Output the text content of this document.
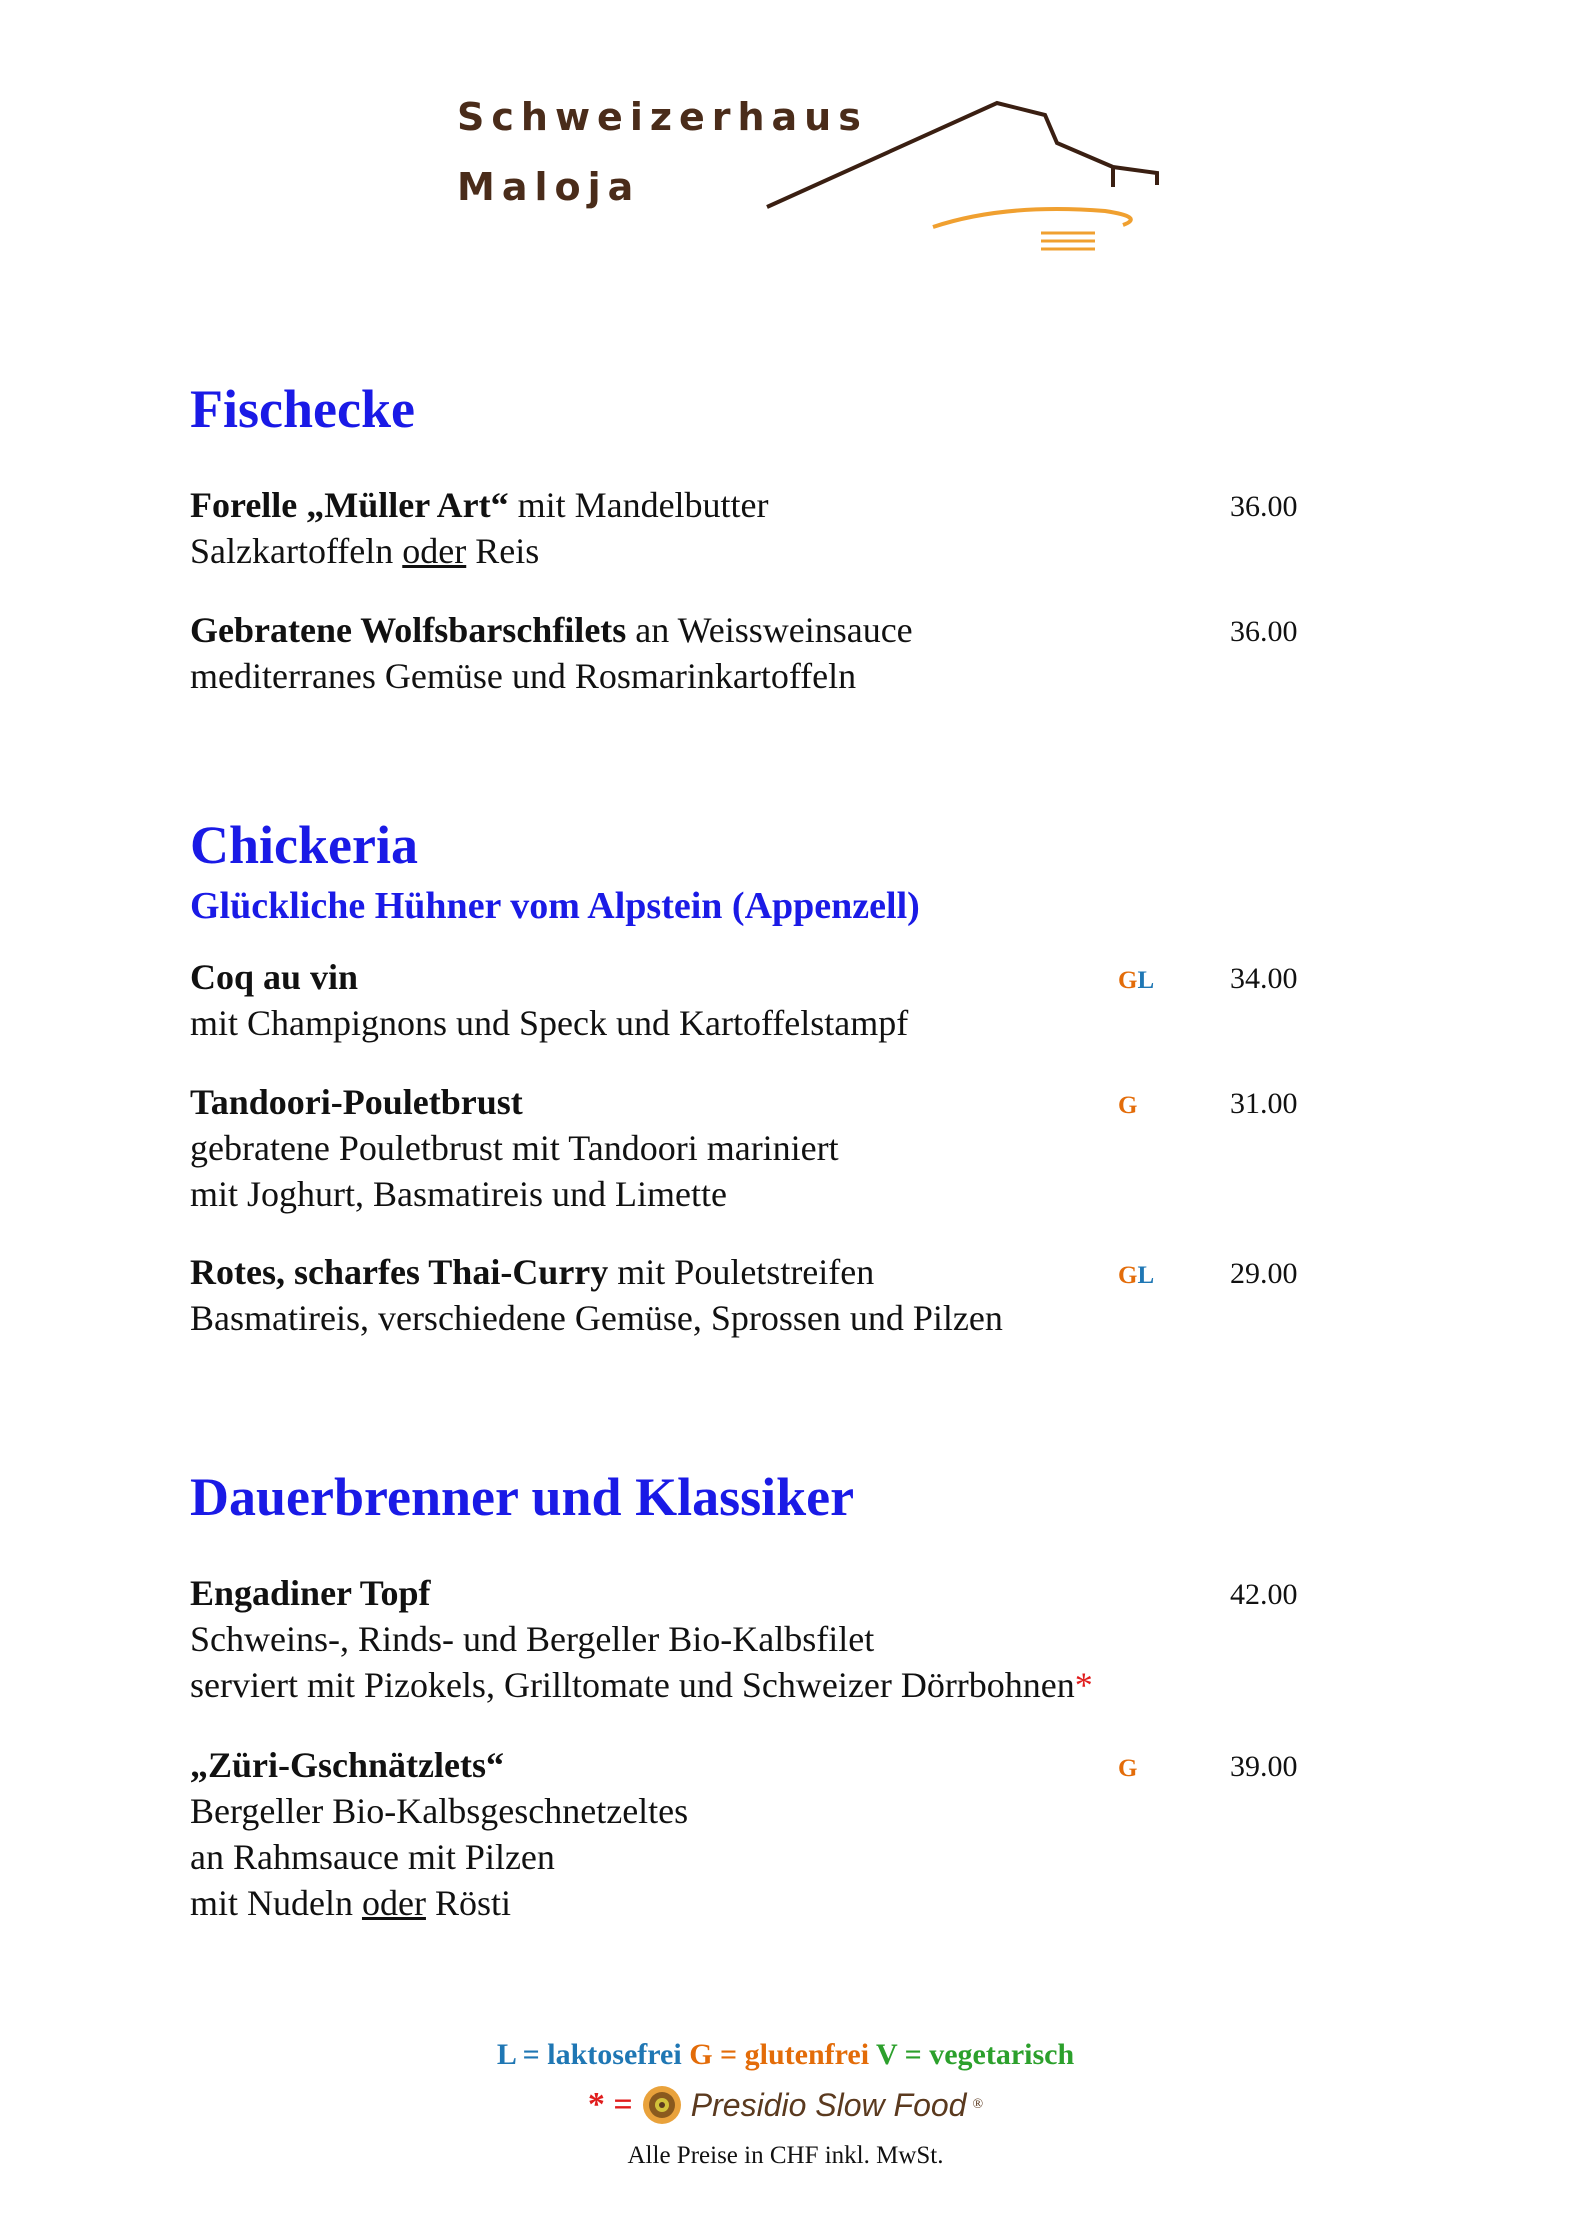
Schweizerhaus
Maloja
Fischecke
Forelle „Müller Art“ mit Mandelbutter
Salzkartoffeln oder Reis
36.00
Gebratene Wolfsbarschfilets an Weissweinsauce
mediterranes Gemüse und Rosmarinkartoffeln
36.00
Chickeria
Glückliche Hühner vom Alpstein (Appenzell)
Coq au vin
mit Champignons und Speck und Kartoffelstampf
GL	34.00
Tandoori-Pouletbrust
gebratene Pouletbrust mit Tandoori mariniert
mit Joghurt, Basmatireis und Limette
G	31.00
Rotes, scharfes Thai-Curry mit Pouletstreifen
Basmatireis, verschiedene Gemüse, Sprossen und Pilzen
GL	29.00
Dauerbrenner und Klassiker
Engadiner Topf
Schweins-, Rinds- und Bergeller Bio-Kalbsfilet
serviert mit Pizokels, Grilltomate und Schweizer Dörrbohnen*
42.00
„Züri-Gschnätzlets“
Bergeller Bio-Kalbsgeschnetzeltes
an Rahmsauce mit Pilzen
mit Nudeln oder Rösti
G	39.00
L = laktosefrei G = glutenfrei V = vegetarisch
* = Presidio Slow Food ®
Alle Preise in CHF inkl. MwSt.
